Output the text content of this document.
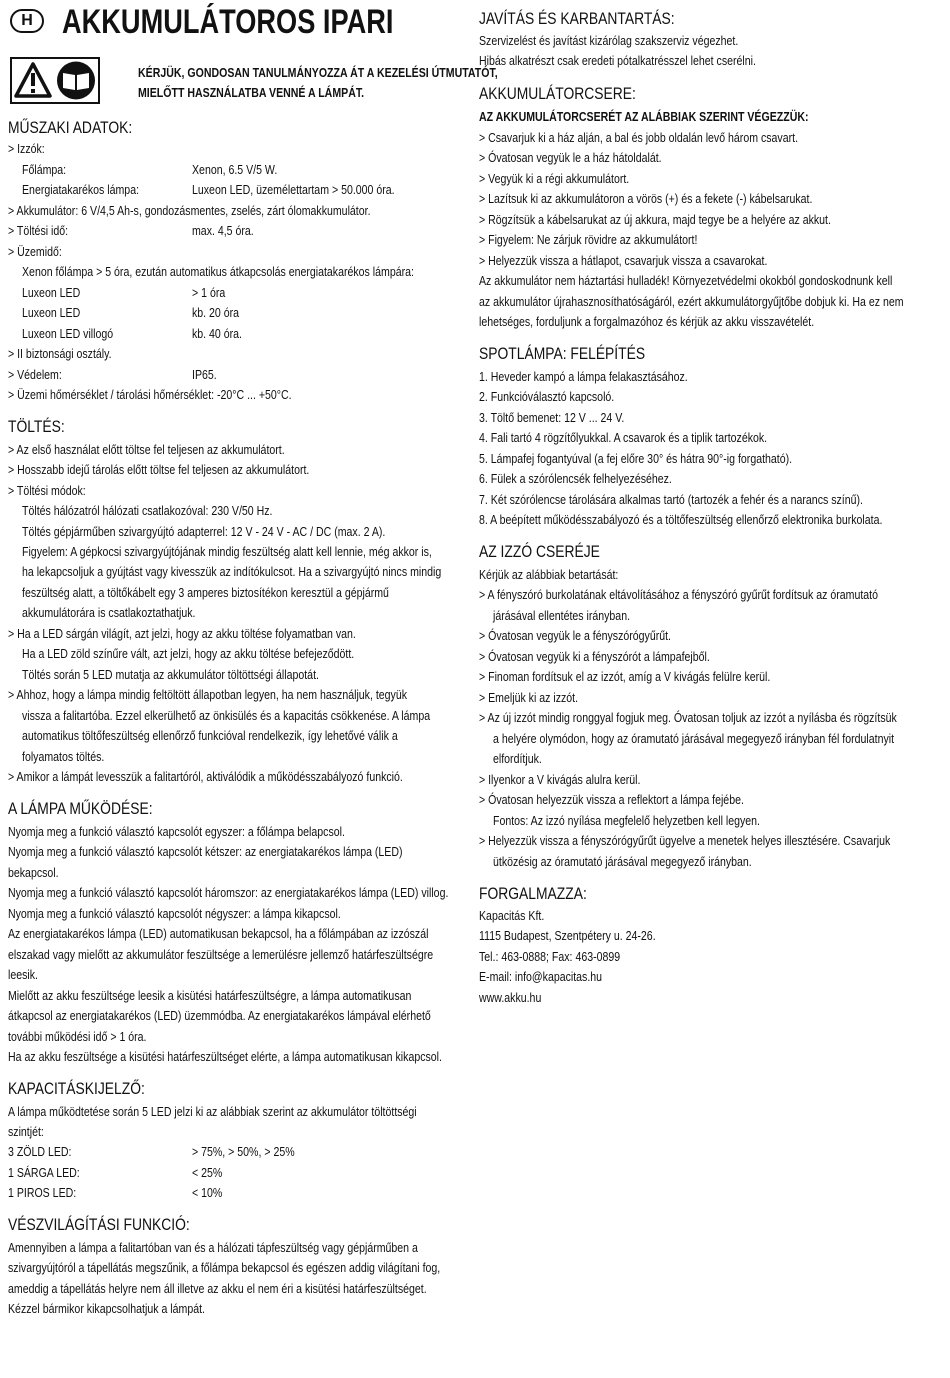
H AKKUMULÁTOROS IPARI
KÉRJÜK, GONDOSAN TANULMÁNYOZZA ÁT A KEZELÉSI ÚTMUTATÓT,
MIELŐTT HASZNÁLATBA VENNÉ A LÁMPÁT.
MŰSZAKI ADATOK:
> Izzók:
Főlámpa:	Xenon, 6.5 V/5 W.
Energiatakarékos lámpa:	Luxeon LED, üzemélettartam > 50.000 óra.
> Akkumulátor: 6 V/4,5 Ah-s, gondozásmentes, zselés, zárt ólomakkumulátor.
> Töltési idő:	max. 4,5 óra.
> Üzemidő:
Xenon főlámpa > 5 óra, ezután automatikus átkapcsolás energiatakarékos lámpára:
Luxeon LED	> 1 óra
Luxeon LED	kb. 20 óra
Luxeon LED villogó	kb. 40 óra.
> II biztonsági osztály.
> Védelem:	IP65.
> Üzemi hőmérséklet / tárolási hőmérséklet: -20°C ... +50°C.
TÖLTÉS:
> Az első használat előtt töltse fel teljesen az akkumulátort.
> Hosszabb idejű tárolás előtt töltse fel teljesen az akkumulátort.
> Töltési módok:
Töltés hálózatról hálózati csatlakozóval: 230 V/50 Hz.
Töltés gépjárműben szivargyújtó adapterrel: 12 V - 24 V - AC / DC (max. 2 A).
Figyelem: A gépkocsi szivargyújtójának mindig feszültség alatt kell lennie, még akkor is,
ha lekapcsoljuk a gyújtást vagy kivesszük az indítókulcsot. Ha a szivargyújtó nincs mindig
feszültség alatt, a töltőkábelt egy 3 amperes biztosítékon keresztül a gépjármű
akkumulátorára is csatlakoztathatjuk.
> Ha a LED sárgán világít, azt jelzi, hogy az akku töltése folyamatban van.
Ha a LED zöld színűre vált, azt jelzi, hogy az akku töltése befejeződött.
Töltés során 5 LED mutatja az akkumulátor töltöttségi állapotát.
> Ahhoz, hogy a lámpa mindig feltöltött állapotban legyen, ha nem használjuk, tegyük
vissza a falitartóba. Ezzel elkerülhető az önkisülés és a kapacitás csökkenése. A lámpa
automatikus töltőfeszültség ellenőrző funkcióval rendelkezik, így lehetővé válik a
folyamatos töltés.
> Amikor a lámpát levesszük a falitartóról, aktiválódik a működésszabályozó funkció.
A LÁMPA MŰKÖDÉSE:
Nyomja meg a funkció választó kapcsolót egyszer: a főlámpa belapcsol.
Nyomja meg a funkció választó kapcsolót kétszer: az energiatakarékos lámpa (LED)
bekapcsol.
Nyomja meg a funkció választó kapcsolót háromszor: az energiatakarékos lámpa (LED) villog.
Nyomja meg a funkció választó kapcsolót négyszer: a lámpa kikapcsol.
Az energiatakarékos lámpa (LED) automatikusan bekapcsol, ha a főlámpában az izzószál
elszakad vagy mielőtt az akkumulátor feszültsége a lemerülésre jellemző határfeszültségre
leesik.
Mielőtt az akku feszültsége leesik a kisütési határfeszültségre, a lámpa automatikusan
átkapcsol az energiatakarékos (LED) üzemmódba. Az energiatakarékos lámpával elérhető
további működési idő > 1 óra.
Ha az akku feszültsége a kisütési határfeszültséget elérte, a lámpa automatikusan kikapcsol.
KAPACITÁSKIJELZŐ:
A lámpa működtetése során 5 LED jelzi ki az alábbiak szerint az akkumulátor töltöttségi
szintjét:
3 ZÖLD LED:	> 75%, > 50%, > 25%
1 SÁRGA LED:	< 25%
1 PIROS LED:	< 10%
VÉSZVILÁGÍTÁSI FUNKCIÓ:
Amennyiben a lámpa a falitartóban van és a hálózati tápfeszültség vagy gépjárműben a
szivargyújtóról a tápellátás megszűnik, a főlámpa bekapcsol és egészen addig világítani fog,
ameddig a tápellátás helyre nem áll illetve az akku el nem éri a kisütési határfeszültséget.
Kézzel bármikor kikapcsolhatjuk a lámpát.
JAVÍTÁS ÉS KARBANTARTÁS:
Szervizelést és javítást kizárólag szakszerviz végezhet.
Hibás alkatrészt csak eredeti pótalkatrésszel lehet cserélni.
AKKUMULÁTORCSERE:
AZ AKKUMULÁTORCSERÉT AZ ALÁBBIAK SZERINT VÉGEZZÜK:
> Csavarjuk ki a ház alján, a bal és jobb oldalán levő három csavart.
> Óvatosan vegyük le a ház hátoldalát.
> Vegyük ki a régi akkumulátort.
> Lazítsuk ki az akkumulátoron a vörös (+) és a fekete (-) kábelsarukat.
> Rögzítsük a kábelsarukat az új akkura, majd tegye be a helyére az akkut.
> Figyelem: Ne zárjuk rövidre az akkumulátort!
> Helyezzük vissza a hátlapot, csavarjuk vissza a csavarokat.
Az akkumulátor nem háztartási hulladék! Környezetvédelmi okokból gondoskodnunk kell
az akkumulátor újrahasznosíthatóságáról, ezért akkumulátorgyűjtőbe dobjuk ki. Ha ez nem
lehetséges, forduljunk a forgalmazóhoz és kérjük az akku visszavételét.
SPOTLÁMPA: FELÉPÍTÉS
1. Heveder kampó a lámpa felakasztásához.
2. Funkcióválasztó kapcsoló.
3. Töltő bemenet: 12 V ... 24 V.
4. Fali tartó 4 rögzítőlyukkal. A csavarok és a tiplik tartozékok.
5. Lámpafej fogantyúval (a fej előre 30° és hátra 90°-ig forgatható).
6. Fülek a szórólencsék felhelyezéséhez.
7. Két szórólencse tárolására alkalmas tartó (tartozék a fehér és a narancs színű).
8. A beépített működésszabályozó és a töltőfeszültség ellenőrző elektronika burkolata.
AZ IZZÓ CSERÉJE
Kérjük az alábbiak betartását:
> A fényszóró burkolatának eltávolításához a fényszóró gyűrűt fordítsuk az óramutató
járásával ellentétes irányban.
> Óvatosan vegyük le a fényszórógyűrűt.
> Óvatosan vegyük ki a fényszórót a lámpafejből.
> Finoman fordítsuk el az izzót, amíg a V kivágás felülre kerül.
> Emeljük ki az izzót.
> Az új izzót mindig ronggyal fogjuk meg. Óvatosan toljuk az izzót a nyílásba és rögzítsük
a helyére olymódon, hogy az óramutató járásával megegyező irányban fél fordulatnyit
elfordítjuk.
> Ilyenkor a V kivágás alulra kerül.
> Óvatosan helyezzük vissza a reflektort a lámpa fejébe.
Fontos: Az izzó nyílása megfelelő helyzetben kell legyen.
> Helyezzük vissza a fényszórógyűrűt ügyelve a menetek helyes illesztésére. Csavarjuk
ütközésig az óramutató járásával megegyező irányban.
FORGALMAZZA:
Kapacitás Kft.
1115 Budapest, Szentpétery u. 24-26.
Tel.: 463-0888; Fax: 463-0899
E-mail: info@kapacitas.hu
www.akku.hu
